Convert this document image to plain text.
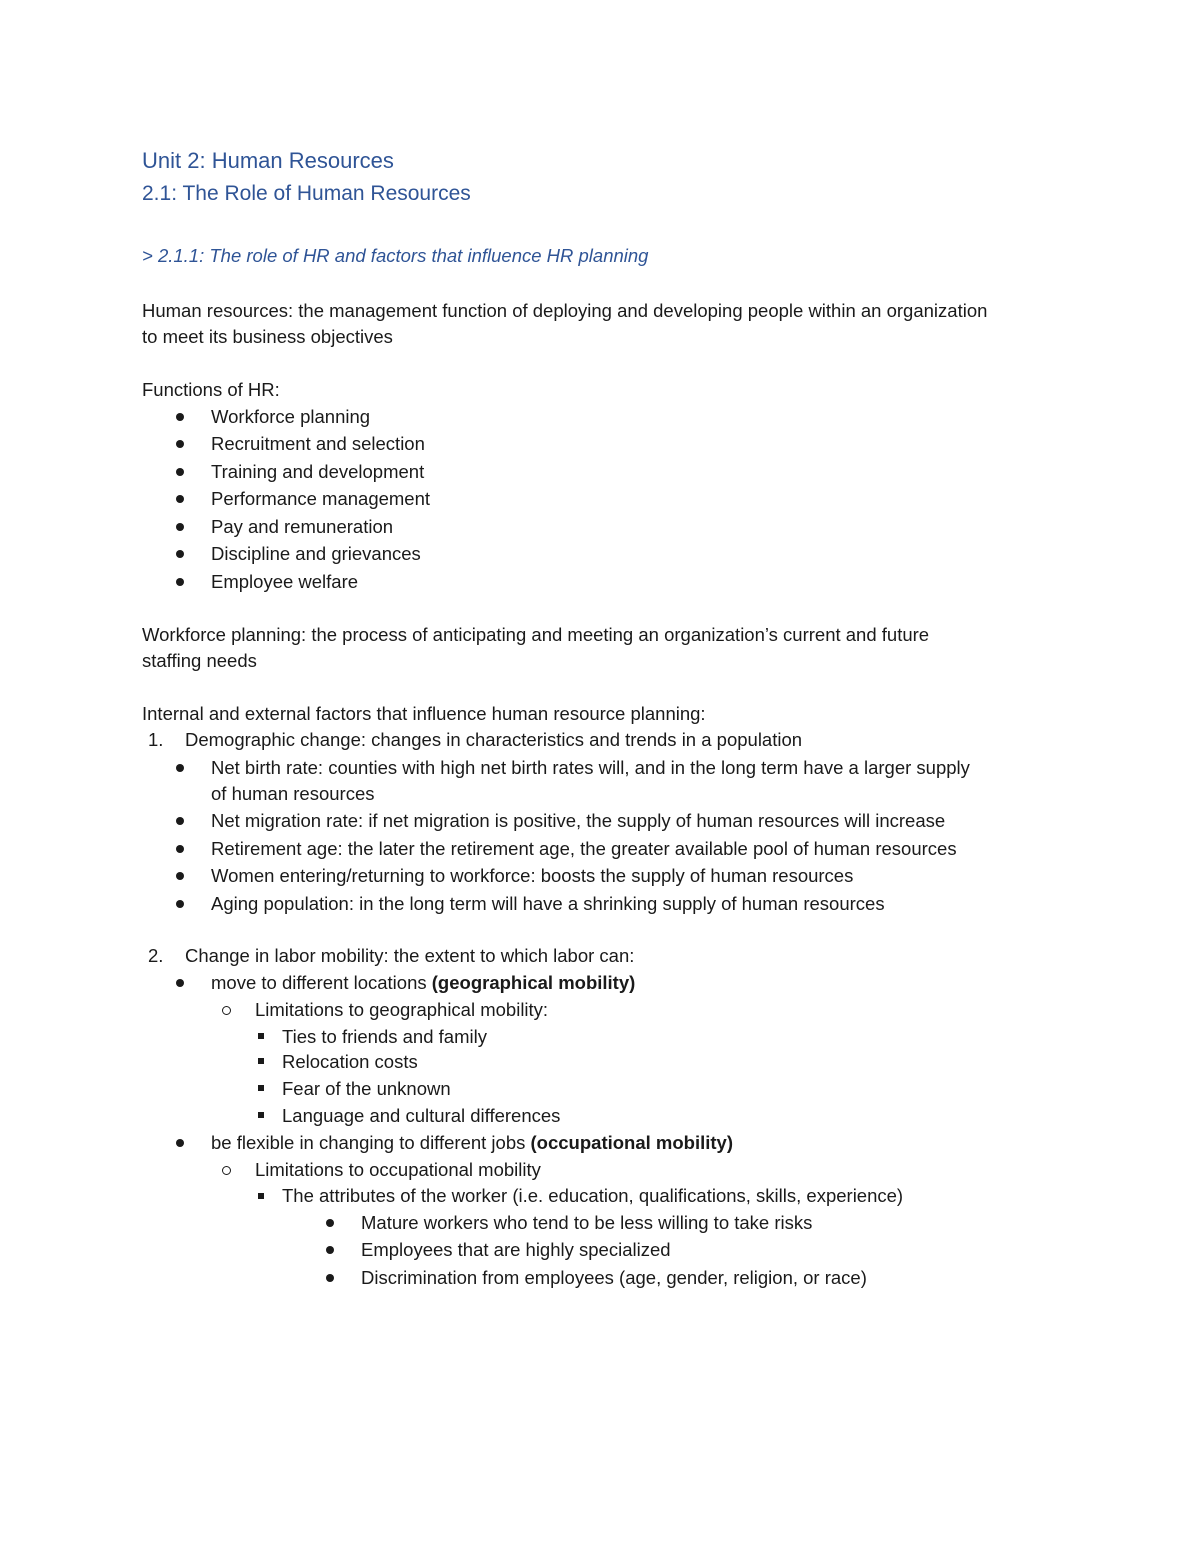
Unit 2: Human Resources
2.1: The Role of Human Resources
> 2.1.1: The role of HR and factors that influence HR planning
Human resources: the management function of deploying and developing people within an organization
to meet its business objectives
Functions of HR:
Workforce planning
Recruitment and selection
Training and development
Performance management
Pay and remuneration
Discipline and grievances
Employee welfare
Workforce planning: the process of anticipating and meeting an organization’s current and future
staffing needs
Internal and external factors that influence human resource planning:
1. Demographic change: changes in characteristics and trends in a population
Net birth rate: counties with high net birth rates will, and in the long term have a larger supply
of human resources
Net migration rate: if net migration is positive, the supply of human resources will increase
Retirement age: the later the retirement age, the greater available pool of human resources
Women entering/returning to workforce: boosts the supply of human resources
Aging population: in the long term will have a shrinking supply of human resources
2. Change in labor mobility: the extent to which labor can:
move to different locations (geographical mobility)
Limitations to geographical mobility:
Ties to friends and family
Relocation costs
Fear of the unknown
Language and cultural differences
be flexible in changing to different jobs (occupational mobility)
Limitations to occupational mobility
The attributes of the worker (i.e. education, qualifications, skills, experience)
Mature workers who tend to be less willing to take risks
Employees that are highly specialized
Discrimination from employees (age, gender, religion, or race)
